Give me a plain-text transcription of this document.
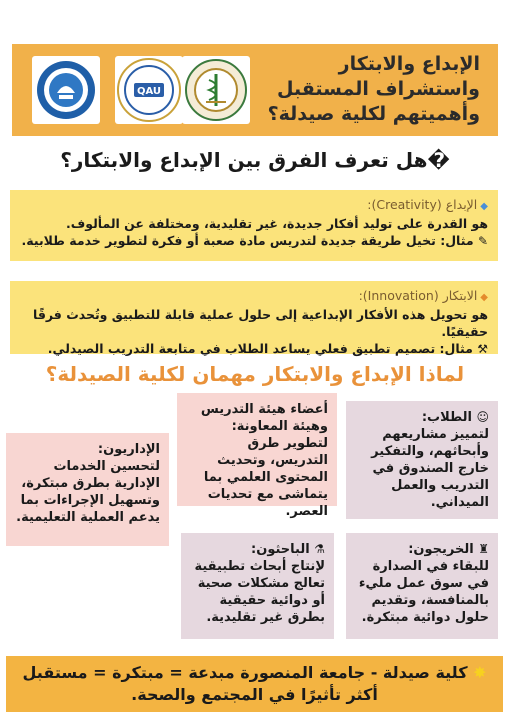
QAU
الإبداع والابتكار
واستشراف المستقبل
وأهميتهم لكلية صيدلة؟
�هل تعرف الفرق بين الإبداع والابتكار؟
◆الإبداع (Creativity):
هو القدرة على توليد أفكار جديدة، غير تقليدية، ومختلفة عن المألوف.
✎ مثال: تخيل طريقة جديدة لتدريس مادة صعبة أو فكرة لتطوير خدمة طلابية.
◆الابتكار (Innovation):
هو تحويل هذه الأفكار الإبداعية إلى حلول عملية قابلة للتطبيق وتُحدث فرقًا حقيقيًا.
⚒ مثال: تصميم تطبيق فعلي يساعد الطلاب في متابعة التدريب الصيدلي.
لماذا الإبداع والابتكار مهمان لكلية الصيدلة؟
☺ الطلاب:
لتمييز مشاريعهم وأبحاثهم، والتفكير خارج الصندوق في التدريب والعمل الميداني.
أعضاء هيئة التدريس وهيئة المعاونة:
لتطوير طرق التدريس، وتحديث المحتوى العلمي بما يتماشى مع تحديات العصر.
الإداريون:
لتحسين الخدمات الإدارية بطرق مبتكرة، وتسهيل الإجراءات بما يدعم العملية التعليمية.
⚗ الباحثون:
لإنتاج أبحاث تطبيقية تعالج مشكلات صحية أو دوائية حقيقية بطرق غير تقليدية.
♜ الخريجون:
للبقاء في الصدارة في سوق عمل مليء بالمنافسة، وتقديم حلول دوائية مبتكرة.
✸ كلية صيدلة - جامعة المنصورة مبدعة = مبتكرة = مستقبل
أكثر تأثيرًا في المجتمع والصحة.
